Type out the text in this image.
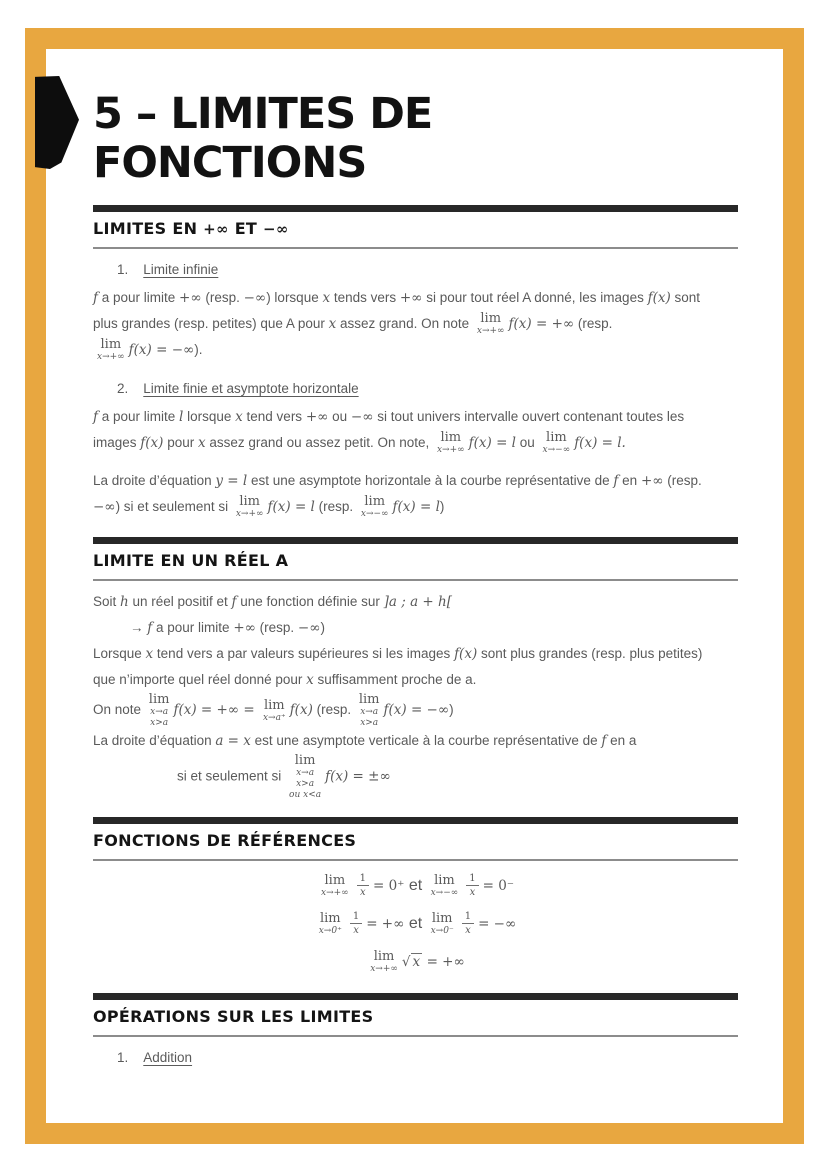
5 – LIMITES DE FONCTIONS
LIMITES EN +∞ ET −∞
1. Limite infinie
f a pour limite +∞ (resp. −∞) lorsque x tends vers +∞ si pour tout réel A donné, les images f(x) sont
plus grandes (resp. petites) que A pour x assez grand. On note lim
x→+∞ f(x) = +∞ (resp.
lim
x→+∞ f(x) = −∞).
2. Limite finie et asymptote horizontale
f a pour limite l lorsque x tend vers +∞ ou −∞ si tout univers intervalle ouvert contenant toutes les
images f(x) pour x assez grand ou assez petit. On note, lim
x→+∞ f(x) = l ou lim
x→−∞ f(x) = l.
La droite d’équation y = l est une asymptote horizontale à la courbe représentative de f en +∞ (resp.
−∞) si et seulement si lim
x→+∞ f(x) = l (resp. lim
x→−∞ f(x) = l)
LIMITE EN UN RÉEL A
Soit h un réel positif et f une fonction définie sur ]a ; a + h[
→ f a pour limite +∞ (resp. −∞)
Lorsque x tend vers a par valeurs supérieures si les images f(x) sont plus grandes (resp. plus petites)
que n’importe quel réel donné pour x suffisamment proche de a.
On note
lim
x→a
x>a
f(x) = +∞ = lim
x→a⁺ f(x) (resp.
lim
x→a
x>a
f(x) = −∞)
La droite d’équation a = x est une asymptote verticale à la courbe représentative de f en a
si et seulement si
lim
x→a
x>a
ou x<a
f(x) = ±∞
FONCTIONS DE RÉFÉRENCES
lim
$x\to+\infty \frac{1}{x} = 0^+$ et lim
$x\to-\infty \frac{1}{x} = 0^-$
lim
$x\to 0^+ \frac{1}{x}$ = +∞ et lim
$x\to 0^- \frac{1}{x}$ = −∞
lim
x→+∞ √ x = +∞
OPÉRATIONS SUR LES LIMITES
1. Addition
